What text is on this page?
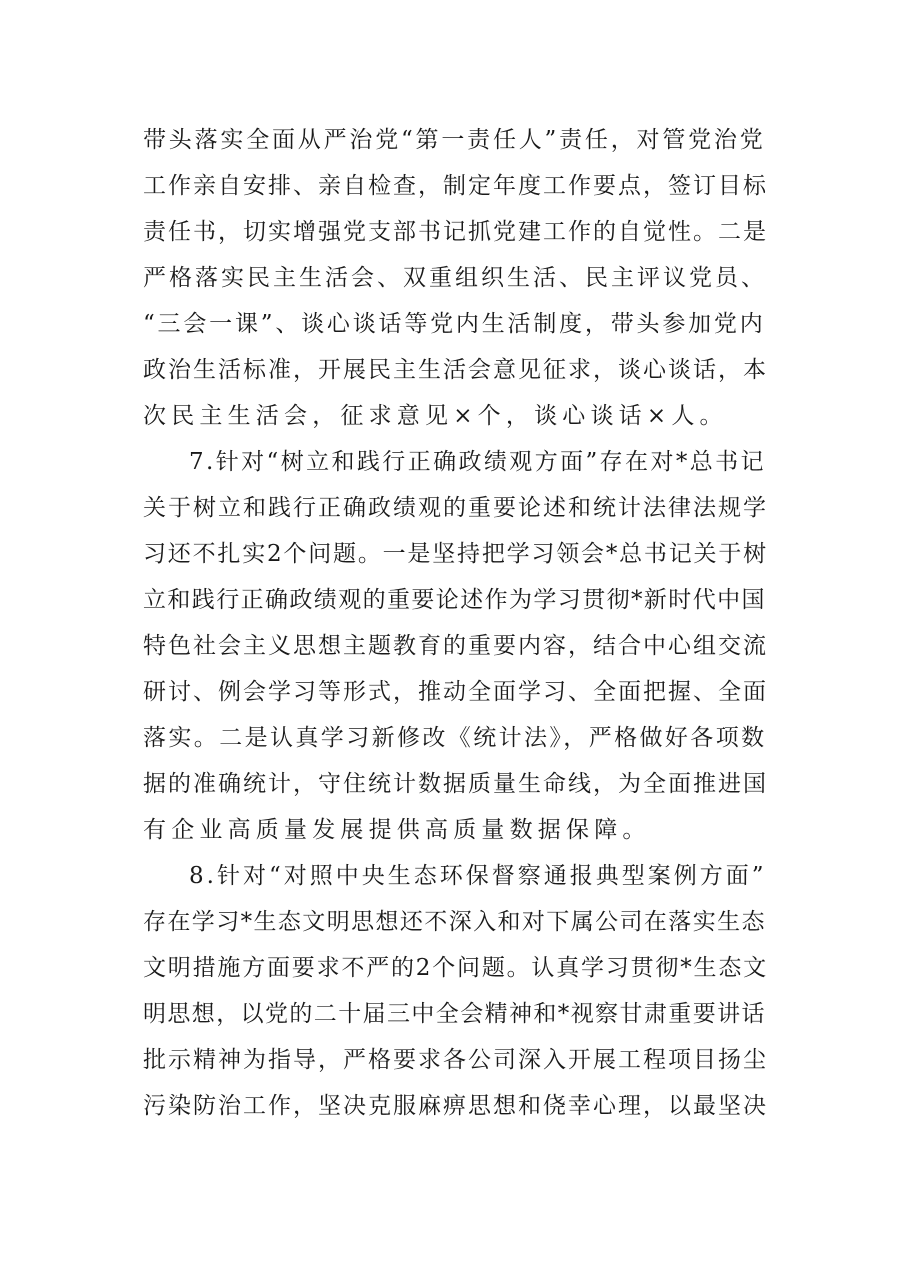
带头落实全面从严治党“第一责任人”责任，对管党治党
工作亲自安排、亲自检查，制定年度工作要点，签订目标
责任书，切实增强党支部书记抓党建工作的自觉性。二是
严格落实民主生活会、双重组织生活、民主评议党员、
“三会一课”、谈心谈话等党内生活制度，带头参加党内
政治生活标准，开展民主生活会意见征求，谈心谈话，本
次民主生活会，征求意见×个，谈心谈话×人。
7.针对“树立和践行正确政绩观方面”存在对*总书记
关于树立和践行正确政绩观的重要论述和统计法律法规学
习还不扎实2个问题。一是坚持把学习领会*总书记关于树
立和践行正确政绩观的重要论述作为学习贯彻*新时代中国
特色社会主义思想主题教育的重要内容，结合中心组交流
研讨、例会学习等形式，推动全面学习、全面把握、全面
落实。二是认真学习新修改《统计法》，严格做好各项数
据的准确统计，守住统计数据质量生命线，为全面推进国
有企业高质量发展提供高质量数据保障。
8.针对“对照中央生态环保督察通报典型案例方面”
存在学习*生态文明思想还不深入和对下属公司在落实生态
文明措施方面要求不严的2个问题。认真学习贯彻*生态文
明思想，以党的二十届三中全会精神和*视察甘肃重要讲话
批示精神为指导，严格要求各公司深入开展工程项目扬尘
污染防治工作，坚决克服麻痹思想和侥幸心理，以最坚决
